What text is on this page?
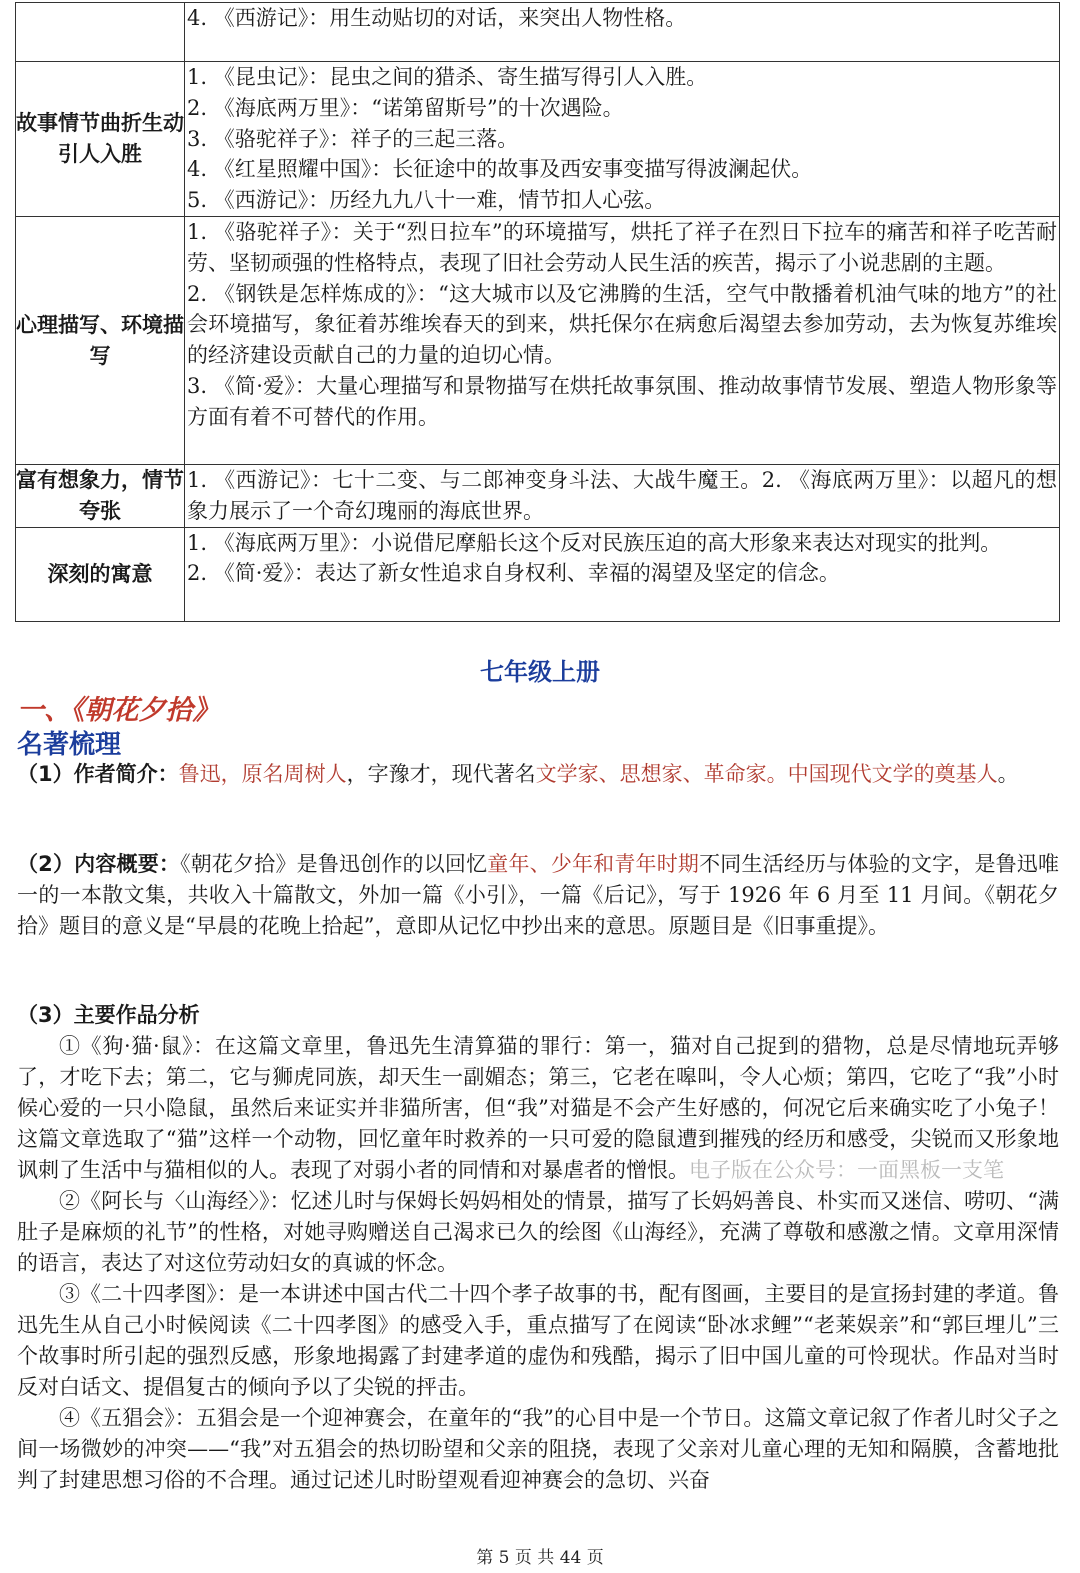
	4. 《西游记》：用生动贴切的对话，来突出人物性格。

故事情节曲折生动引人入胜	1. 《昆虫记》：昆虫之间的猎杀、寄生描写得引人入胜。
2. 《海底两万里》：“诺第留斯号”的十次遇险。
3. 《骆驼祥子》：祥子的三起三落。
4. 《红星照耀中国》：长征途中的故事及西安事变描写得波澜起伏。
5. 《西游记》：历经九九八十一难，情节扣人心弦。

心理描写、环境描写	1. 《骆驼祥子》：关于“烈日拉车”的环境描写，烘托了祥子在烈日下拉车的痛苦和祥子吃苦耐劳、坚韧顽强的性格特点，表现了旧社会劳动人民生活的疾苦，揭示了小说悲剧的主题。
2. 《钢铁是怎样炼成的》：“这大城市以及它沸腾的生活，空气中散播着机油气味的地方”的社会环境描写，象征着苏维埃春天的到来，烘托保尔在病愈后渴望去参加劳动，去为恢复苏维埃的经济建设贡献自己的力量的迫切心情。
3. 《简·爱》：大量心理描写和景物描写在烘托故事氛围、推动故事情节发展、塑造人物形象等方面有着不可替代的作用。

富有想象力，情节夸张	1. 《西游记》：七十二变、与二郎神变身斗法、大战牛魔王。2. 《海底两万里》：以超凡的想象力展示了一个奇幻瑰丽的海底世界。

深刻的寓意	1. 《海底两万里》：小说借尼摩船长这个反对民族压迫的高大形象来表达对现实的批判。
2. 《简·爱》：表达了新女性追求自身权利、幸福的渴望及坚定的信念。
七年级上册
一、《朝花夕拾》
名著梳理
（1）作者简介：鲁迅，原名周树人，字豫才，现代著名文学家、思想家、革命家。中国现代文学的奠基人。
（2）内容概要：《朝花夕拾》是鲁迅创作的以回忆童年、少年和青年时期不同生活经历与体验的文字，是鲁迅唯一的一本散文集，共收入十篇散文，外加一篇《小引》，一篇《后记》，写于 1926 年 6 月至 11 月间。《朝花夕拾》题目的意义是“早晨的花晚上拾起”，意即从记忆中抄出来的意思。原题目是《旧事重提》。
（3）主要作品分析
①《狗·猫·鼠》：在这篇文章里，鲁迅先生清算猫的罪行：第一，猫对自己捉到的猎物，总是尽情地玩弄够了，才吃下去；第二，它与狮虎同族，却天生一副媚态；第三，它老在嗥叫，令人心烦；第四，它吃了“我”小时候心爱的一只小隐鼠，虽然后来证实并非猫所害，但“我”对猫是不会产生好感的，何况它后来确实吃了小兔子！这篇文章选取了“猫”这样一个动物，回忆童年时救养的一只可爱的隐鼠遭到摧残的经历和感受，尖锐而又形象地讽刺了生活中与猫相似的人。表现了对弱小者的同情和对暴虐者的憎恨。电子版在公众号：一面黑板一支笔
②《阿长与〈山海经〉》：忆述儿时与保姆长妈妈相处的情景，描写了长妈妈善良、朴实而又迷信、唠叨、“满肚子是麻烦的礼节”的性格，对她寻购赠送自己渴求已久的绘图《山海经》，充满了尊敬和感激之情。文章用深情的语言，表达了对这位劳动妇女的真诚的怀念。
③《二十四孝图》：是一本讲述中国古代二十四个孝子故事的书，配有图画，主要目的是宣扬封建的孝道。鲁迅先生从自己小时候阅读《二十四孝图》的感受入手，重点描写了在阅读“卧冰求鲤”“老莱娱亲”和“郭巨埋儿”三个故事时所引起的强烈反感，形象地揭露了封建孝道的虚伪和残酷，揭示了旧中国儿童的可怜现状。作品对当时反对白话文、提倡复古的倾向予以了尖锐的抨击。
④《五猖会》：五猖会是一个迎神赛会，在童年的“我”的心目中是一个节日。这篇文章记叙了作者儿时父子之间一场微妙的冲突——“我”对五猖会的热切盼望和父亲的阻挠，表现了父亲对儿童心理的无知和隔膜，含蓄地批判了封建思想习俗的不合理。通过记述儿时盼望观看迎神赛会的急切、兴奋
第 5 页 共 44 页
